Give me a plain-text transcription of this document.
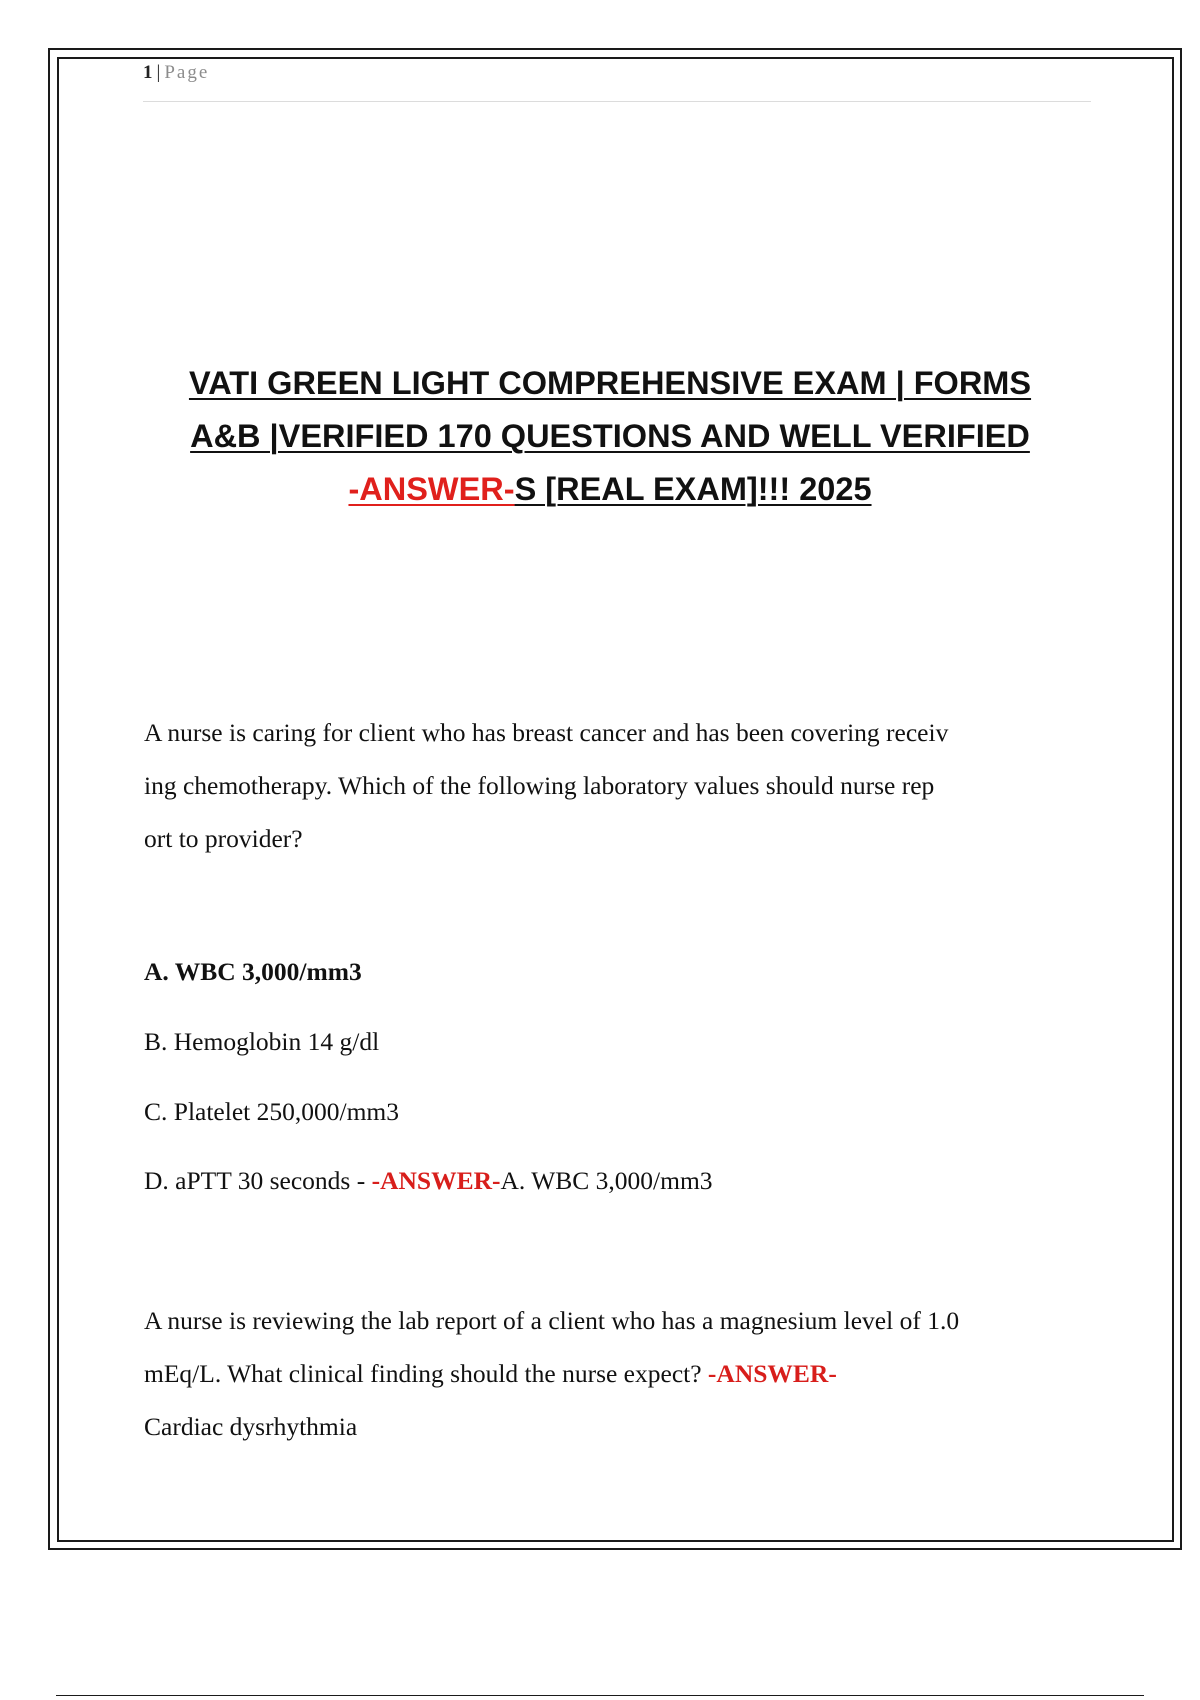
1 | Page
VATI GREEN LIGHT COMPREHENSIVE EXAM | FORMS
A&B |VERIFIED 170 QUESTIONS AND WELL VERIFIED
-ANSWER-S [REAL EXAM]!!! 2025
A nurse is caring for client who has breast cancer and has been covering receiv
ing chemotherapy. Which of the following laboratory values should nurse rep
ort to provider?
A. WBC 3,000/mm3
B. Hemoglobin 14 g/dl
C. Platelet 250,000/mm3
D. aPTT 30 seconds - -ANSWER-A. WBC 3,000/mm3
A nurse is reviewing the lab report of a client who has a magnesium level of 1.0
mEq/L. What clinical finding should the nurse expect? -ANSWER-
Cardiac dysrhythmia
